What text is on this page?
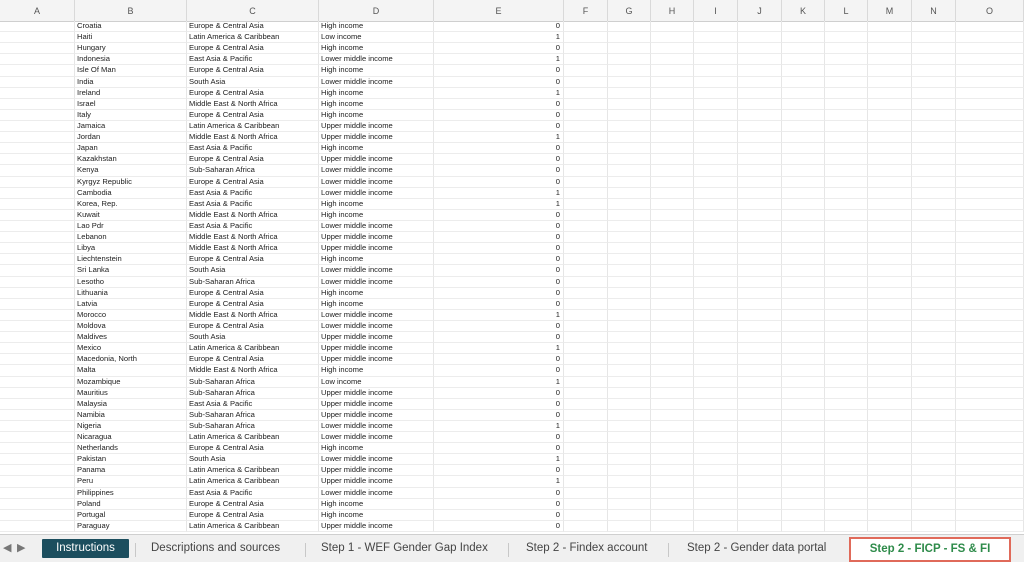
A	B	C	D	E	F	G	H	I	J	K	L	M	N	O
Croatia	Europe & Central Asia	High income	0
Haiti	Latin America & Caribbean	Low income	1
Hungary	Europe & Central Asia	High income	0
Indonesia	East Asia & Pacific	Lower middle income	1
Isle Of Man	Europe & Central Asia	High income	0
India	South Asia	Lower middle income	0
Ireland	Europe & Central Asia	High income	1
Israel	Middle East & North Africa	High income	0
Italy	Europe & Central Asia	High income	0
Jamaica	Latin America & Caribbean	Upper middle income	0
Jordan	Middle East & North Africa	Upper middle income	1
Japan	East Asia & Pacific	High income	0
Kazakhstan	Europe & Central Asia	Upper middle income	0
Kenya	Sub-Saharan Africa	Lower middle income	0
Kyrgyz Republic	Europe & Central Asia	Lower middle income	0
Cambodia	East Asia & Pacific	Lower middle income	1
Korea, Rep.	East Asia & Pacific	High income	1
Kuwait	Middle East & North Africa	High income	0
Lao Pdr	East Asia & Pacific	Lower middle income	0
Lebanon	Middle East & North Africa	Upper middle income	0
Libya	Middle East & North Africa	Upper middle income	0
Liechtenstein	Europe & Central Asia	High income	0
Sri Lanka	South Asia	Lower middle income	0
Lesotho	Sub-Saharan Africa	Lower middle income	0
Lithuania	Europe & Central Asia	High income	0
Latvia	Europe & Central Asia	High income	0
Morocco	Middle East & North Africa	Lower middle income	1
Moldova	Europe & Central Asia	Lower middle income	0
Maldives	South Asia	Upper middle income	0
Mexico	Latin America & Caribbean	Upper middle income	1
Macedonia, North	Europe & Central Asia	Upper middle income	0
Malta	Middle East & North Africa	High income	0
Mozambique	Sub-Saharan Africa	Low income	1
Mauritius	Sub-Saharan Africa	Upper middle income	0
Malaysia	East Asia & Pacific	Upper middle income	0
Namibia	Sub-Saharan Africa	Upper middle income	0
Nigeria	Sub-Saharan Africa	Lower middle income	1
Nicaragua	Latin America & Caribbean	Lower middle income	0
Netherlands	Europe & Central Asia	High income	0
Pakistan	South Asia	Lower middle income	1
Panama	Latin America & Caribbean	Upper middle income	0
Peru	Latin America & Caribbean	Upper middle income	1
Philippines	East Asia & Pacific	Lower middle income	0
Poland	Europe & Central Asia	High income	0
Portugal	Europe & Central Asia	High income	0
Paraguay	Latin America & Caribbean	Upper middle income	0
◀ ▶	Instructions	Descriptions and sources	Step 1 - WEF Gender Gap Index	Step 2 - Findex account	Step 2 - Gender data portal	Step 2 - FICP - FS & FI
